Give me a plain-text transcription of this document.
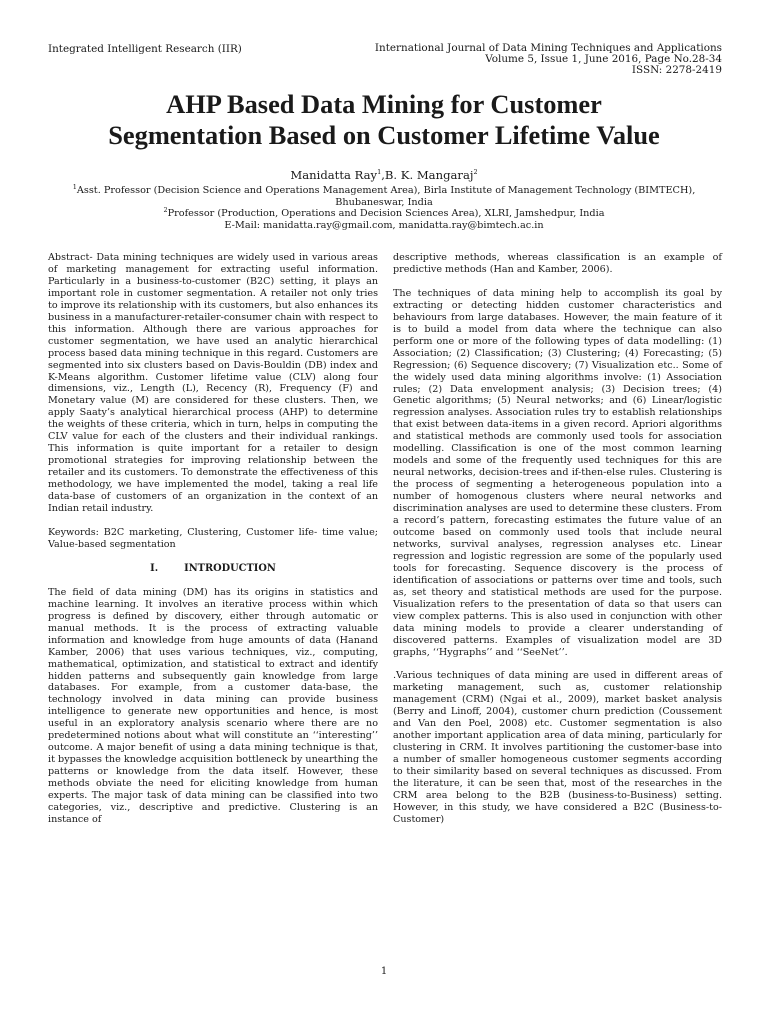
Integrated Intelligent Research (IIR)	International Journal of Data Mining Techniques and Applications
Volume 5, Issue 1, June 2016, Page No.28-34
ISSN: 2278-2419
AHP Based Data Mining for Customer
Segmentation Based on Customer Lifetime Value
Manidatta Ray$^1$,B. K. Mangaraj$^2$
$^1$Asst. Professor (Decision Science and Operations Management Area), Birla Institute of Management Technology (BIMTECH),
Bhubaneswar, India
$^2$Professor (Production, Operations and Decision Sciences Area), XLRI, Jamshedpur, India
E-Mail: manidatta.ray@gmail.com, manidatta.ray@bimtech.ac.in

Abstract- Data mining techniques are widely used in various areas of marketing management for extracting useful information. Particularly in a business-to-customer (B2C) setting, it plays an important role in customer segmentation. A retailer not only tries to improve its relationship with its customers, but also enhances its business in a manufacturer-retailer-consumer chain with respect to this information. Although there are various approaches for customer segmentation, we have used an analytic hierarchical process based data mining technique in this regard. Customers are segmented into six clusters based on Davis-Bouldin (DB) index and K-Means algorithm. Customer lifetime value (CLV) along four dimensions, viz., Length (L), Recency (R), Frequency (F) and Monetary value (M) are considered for these clusters. Then, we apply Saaty’s analytical hierarchical process (AHP) to determine the weights of these criteria, which in turn, helps in computing the CLV value for each of the clusters and their individual rankings. This information is quite important for a retailer to design promotional strategies for improving relationship between the retailer and its customers. To demonstrate the effectiveness of this methodology, we have implemented the model, taking a real life data-base of customers of an organization in the context of an Indian retail industry.

Keywords: B2C marketing, Clustering, Customer life- time value; Value-based segmentation

I.	INTRODUCTION

The field of data mining (DM) has its origins in statistics and machine learning. It involves an iterative process within which progress is defined by discovery, either through automatic or manual methods. It is the process of extracting valuable information and knowledge from huge amounts of data (Hanand Kamber, 2006) that uses various techniques, viz., computing, mathematical, optimization, and statistical to extract and identify hidden patterns and subsequently gain knowledge from large databases. For example, from a customer data-base, the technology involved in data mining can provide business intelligence to generate new opportunities and hence, is most useful in an exploratory analysis scenario where there are no predetermined notions about what will constitute an ‘‘interesting’’ outcome. A major benefit of using a data mining technique is that, it bypasses the knowledge acquisition bottleneck by unearthing the patterns or knowledge from the data itself. However, these methods obviate the need for eliciting knowledge from human experts. The major task of data mining can be classified into two categories, viz., descriptive and predictive. Clustering is an instance of

descriptive methods, whereas classification is an example of predictive methods (Han and Kamber, 2006).

The techniques of data mining help to accomplish its goal by extracting or detecting hidden customer characteristics and behaviours from large databases. However, the main feature of it is to build a model from data where the technique can also perform one or more of the following types of data modelling: (1) Association; (2) Classification; (3) Clustering; (4) Forecasting; (5) Regression; (6) Sequence discovery; (7) Visualization etc.. Some of the widely used data mining algorithms involve: (1) Association rules; (2) Data envelopment analysis; (3) Decision trees; (4) Genetic algorithms; (5) Neural networks; and (6) Linear/logistic regression analyses. Association rules try to establish relationships that exist between data-items in a given record. Apriori algorithms and statistical methods are commonly used tools for association modelling. Classification is one of the most common learning models and some of the frequently used techniques for this are neural networks, decision-trees and if-then-else rules. Clustering is the process of segmenting a heterogeneous population into a number of homogenous clusters where neural networks and discrimination analyses are used to determine these clusters. From a record’s pattern, forecasting estimates the future value of an outcome based on commonly used tools that include neural networks, survival analyses, regression analyses etc. Linear regression and logistic regression are some of the popularly used tools for forecasting. Sequence discovery is the process of identification of associations or patterns over time and tools, such as, set theory and statistical methods are used for the purpose. Visualization refers to the presentation of data so that users can view complex patterns. This is also used in conjunction with other data mining models to provide a clearer understanding of discovered patterns. Examples of visualization model are 3D graphs, ‘‘Hygraphs’’ and ‘‘SeeNet’’.

.Various techniques of data mining are used in different areas of marketing management, such as, customer relationship management (CRM) (Ngai et al., 2009), market basket analysis (Berry and Linoff, 2004), customer churn prediction (Coussement and Van den Poel, 2008) etc. Customer segmentation is also another important application area of data mining, particularly for clustering in CRM. It involves partitioning the customer-base into a number of smaller homogeneous customer segments according to their similarity based on several techniques as discussed. From the literature, it can be seen that, most of the researches in the CRM area belong to the B2B (business-to-Business) setting. However, in this study, we have considered a B2C (Business-to-Customer)

1
